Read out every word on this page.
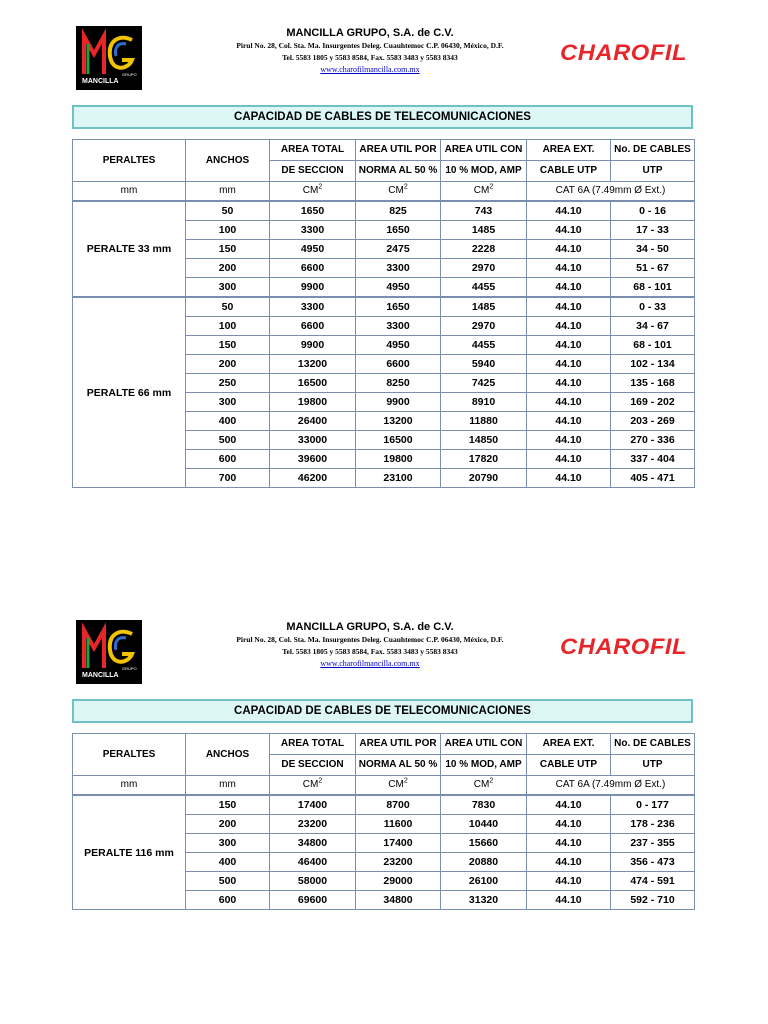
MANCILLA
GRUPO
MANCILLA GRUPO, S.A. de C.V.
Pirul No. 28, Col. Sta. Ma. Insurgentes Deleg. Cuauhtemoc C.P. 06430, México, D.F.
Tel. 5583 1805 y 5583 8584, Fax. 5583 3483 y 5583 8343
www.charofilmancilla.com.mx
CHAROFIL
CAPACIDAD DE CABLES DE TELECOMUNICACIONES
PERALTES	ANCHOS	AREA TOTAL	AREA UTIL POR	AREA UTIL CON	AREA EXT.	No. DE CABLES
		DE SECCION	NORMA AL 50 %	10 % MOD, AMP	CABLE UTP	UTP
mm	mm	$CM^2$	$CM^2$	$CM^2$	CAT 6A (7.49mm Ø Ext.)	
PERALTE 33 mm	50	1650	825	743	44.10	0 - 16
	100	3300	1650	1485	44.10	17 - 33
	150	4950	2475	2228	44.10	34 - 50
	200	6600	3300	2970	44.10	51 - 67
	300	9900	4950	4455	44.10	68 - 101
PERALTE 66 mm	50	3300	1650	1485	44.10	0 - 33
	100	6600	3300	2970	44.10	34 - 67
	150	9900	4950	4455	44.10	68 - 101
	200	13200	6600	5940	44.10	102 - 134
	250	16500	8250	7425	44.10	135 - 168
	300	19800	9900	8910	44.10	169 - 202
	400	26400	13200	11880	44.10	203 - 269
	500	33000	16500	14850	44.10	270 - 336
	600	39600	19800	17820	44.10	337 - 404
	700	46200	23100	20790	44.10	405 - 471
MANCILLA
GRUPO
MANCILLA GRUPO, S.A. de C.V.
Pirul No. 28, Col. Sta. Ma. Insurgentes Deleg. Cuauhtemoc C.P. 06430, México, D.F.
Tel. 5583 1805 y 5583 8584, Fax. 5583 3483 y 5583 8343
www.charofilmancilla.com.mx
CHAROFIL
CAPACIDAD DE CABLES DE TELECOMUNICACIONES
PERALTES	ANCHOS	AREA TOTAL	AREA UTIL POR	AREA UTIL CON	AREA EXT.	No. DE CABLES
		DE SECCION	NORMA AL 50 %	10 % MOD, AMP	CABLE UTP	UTP
mm	mm	$CM^2$	$CM^2$	$CM^2$	CAT 6A (7.49mm Ø Ext.)	
PERALTE 116 mm	150	17400	8700	7830	44.10	0 - 177
	200	23200	11600	10440	44.10	178 - 236
	300	34800	17400	15660	44.10	237 - 355
	400	46400	23200	20880	44.10	356 - 473
	500	58000	29000	26100	44.10	474 - 591
	600	69600	34800	31320	44.10	592 - 710
